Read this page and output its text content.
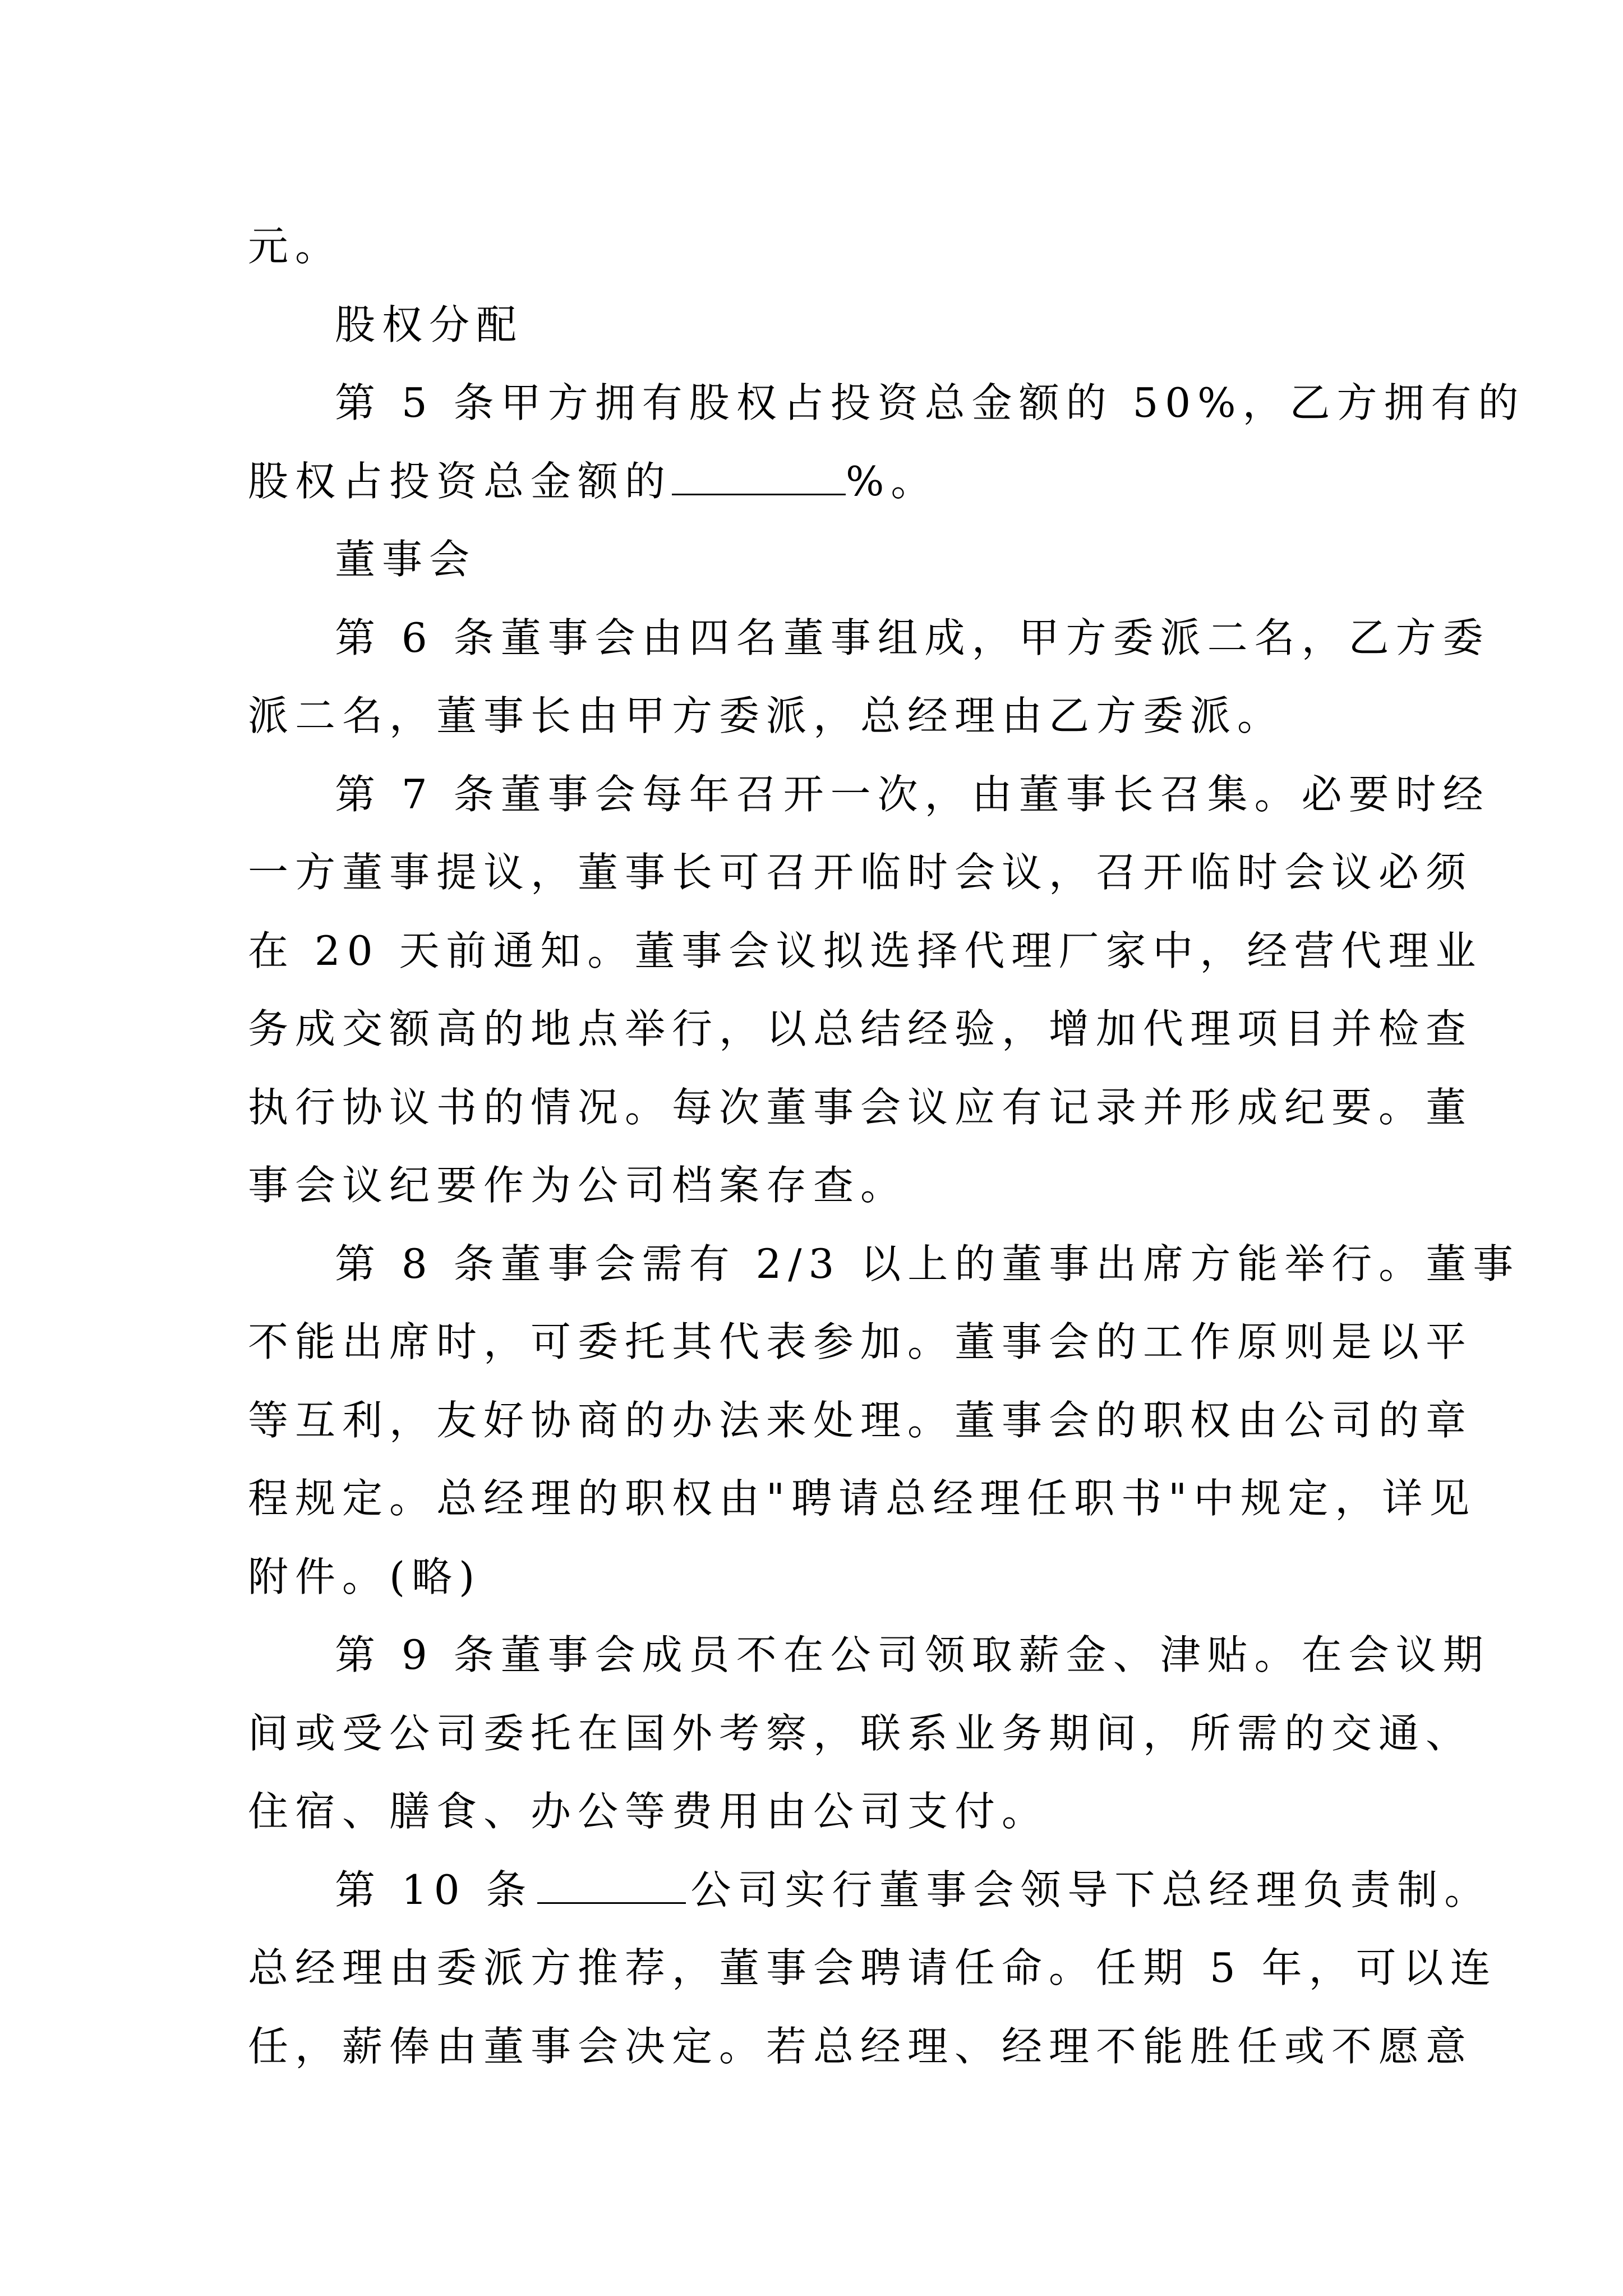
元。
股权分配
第 5 条甲方拥有股权占投资总金额的 50%，乙方拥有的
股权占投资总金额的	%。
董事会
第 6 条董事会由四名董事组成，甲方委派二名，乙方委
派二名，董事长由甲方委派，总经理由乙方委派。
第 7 条董事会每年召开一次，由董事长召集。必要时经
一方董事提议，董事长可召开临时会议，召开临时会议必须
在 20 天前通知。董事会议拟选择代理厂家中，经营代理业
务成交额高的地点举行，以总结经验，增加代理项目并检查
执行协议书的情况。每次董事会议应有记录并形成纪要。董
事会议纪要作为公司档案存查。
第 8 条董事会需有 2/3 以上的董事出席方能举行。董事
不能出席时，可委托其代表参加。董事会的工作原则是以平
等互利，友好协商的办法来处理。董事会的职权由公司的章
程规定。总经理的职权由"聘请总经理任职书"中规定，详见
附件。(略)
第 9 条董事会成员不在公司领取薪金、津贴。在会议期
间或受公司委托在国外考察，联系业务期间，所需的交通、
住宿、膳食、办公等费用由公司支付。
第 10 条	公司实行董事会领导下总经理负责制。
总经理由委派方推荐，董事会聘请任命。任期 5 年，可以连
任，薪俸由董事会决定。若总经理、经理不能胜任或不愿意
